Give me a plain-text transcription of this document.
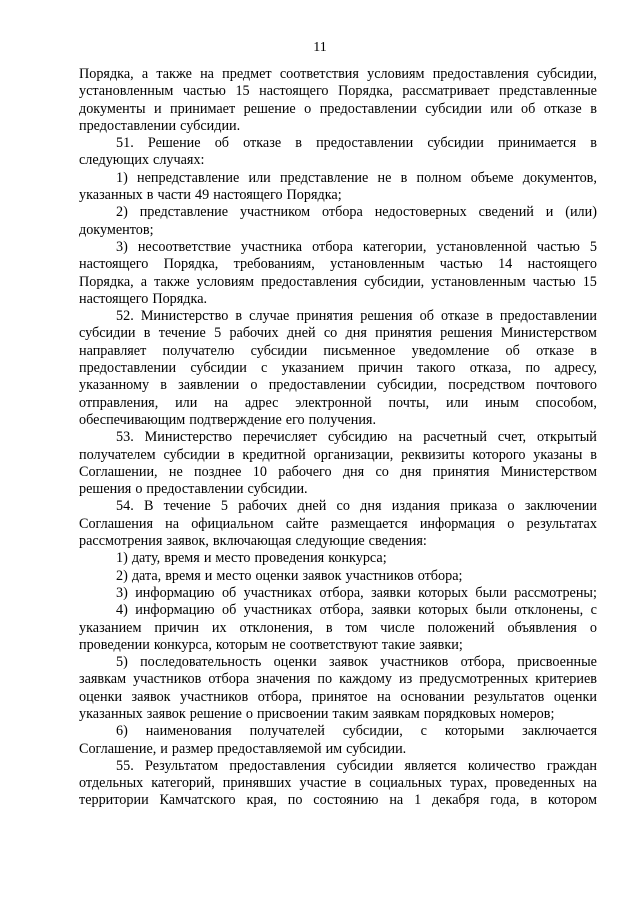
11
Порядка, а также на предмет соответствия условиям предоставления субсидии,
установленным частью 15 настоящего Порядка, рассматривает представленные
документы и принимает решение о предоставлении субсидии или об отказе в
предоставлении субсидии.
51. Решение об отказе в предоставлении субсидии принимается в
следующих случаях:
1) непредставление или представление не в полном объеме документов,
указанных в части 49 настоящего Порядка;
2) представление участником отбора недостоверных сведений и (или)
документов;
3) несоответствие участника отбора категории, установленной частью 5
настоящего Порядка, требованиям, установленным частью 14 настоящего
Порядка, а также условиям предоставления субсидии, установленным частью 15
настоящего Порядка.
52. Министерство в случае принятия решения об отказе в предоставлении
субсидии в течение 5 рабочих дней со дня принятия решения Министерством
направляет получателю субсидии письменное уведомление об отказе в
предоставлении субсидии с указанием причин такого отказа, по адресу,
указанному в заявлении о предоставлении субсидии, посредством почтового
отправления, или на адрес электронной почты, или иным способом,
обеспечивающим подтверждение его получения.
53. Министерство перечисляет субсидию на расчетный счет, открытый
получателем субсидии в кредитной организации, реквизиты которого указаны в
Соглашении, не позднее 10 рабочего дня со дня принятия Министерством
решения о предоставлении субсидии.
54. В течение 5 рабочих дней со дня издания приказа о заключении
Соглашения на официальном сайте размещается информация о результатах
рассмотрения заявок, включающая следующие сведения:
1) дату, время и место проведения конкурса;
2) дата, время и место оценки заявок участников отбора;
3) информацию об участниках отбора, заявки которых были рассмотрены;
4) информацию об участниках отбора, заявки которых были отклонены, с
указанием причин их отклонения, в том числе положений объявления о
проведении конкурса, которым не соответствуют такие заявки;
5) последовательность оценки заявок участников отбора, присвоенные
заявкам участников отбора значения по каждому из предусмотренных критериев
оценки заявок участников отбора, принятое на основании результатов оценки
указанных заявок решение о присвоении таким заявкам порядковых номеров;
6) наименования получателей субсидии, с которыми заключается
Соглашение, и размер предоставляемой им субсидии.
55. Результатом предоставления субсидии является количество граждан
отдельных категорий, принявших участие в социальных турах, проведенных на
территории Камчатского края, по состоянию на 1 декабря года, в котором
